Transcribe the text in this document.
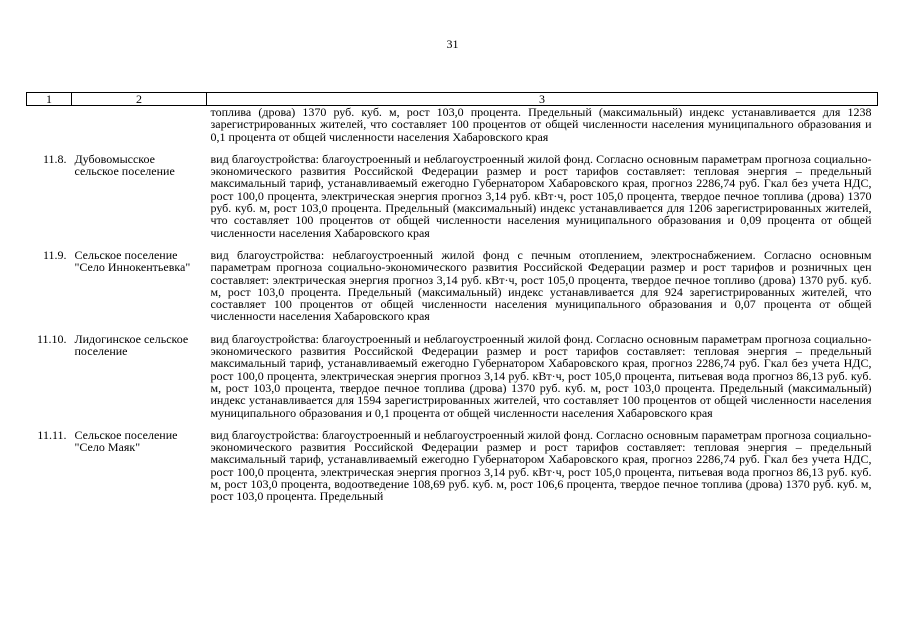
31
1	2	3
		топлива (дрова) 1370 руб. куб. м, рост 103,0 процента. Предельный (максимальный) индекс устанавливается для 1238 зарегистрированных жителей, что составляет 100 процентов от общей численности населения муниципального образования и 0,1 процента от общей численности населения Хабаровского края
11.8.	Дубовомысское сельское поселение	вид благоустройства: благоустроенный и неблагоустроенный жилой фонд. Согласно основным параметрам прогноза социально-экономического развития Российской Федерации размер и рост тарифов составляет: тепловая энергия – предельный максимальный тариф, устанавливаемый ежегодно Губернатором Хабаровского края, прогноз 2286,74 руб. Гкал без учета НДС, рост 100,0 процента, электрическая энергия прогноз 3,14 руб. кВт·ч, рост 105,0 процента, твердое печное топлива (дрова) 1370 руб. куб. м, рост 103,0 процента. Предельный (максимальный) индекс устанавливается для 1206 зарегистрированных жителей, что составляет 100 процентов от общей численности населения муниципального образования и 0,09 процента от общей численности населения Хабаровского края
11.9.	Сельское поселение "Село Иннокентьевка"	вид благоустройства: неблагоустроенный жилой фонд с печным отоплением, электроснабжением. Согласно основным параметрам прогноза социально-экономического развития Российской Федерации размер и рост тарифов и розничных цен составляет: электрическая энергия прогноз 3,14 руб. кВт·ч, рост 105,0 процента, твердое печное топливо (дрова) 1370 руб. куб. м, рост 103,0 процента. Предельный (максимальный) индекс устанавливается для 924 зарегистрированных жителей, что составляет 100 процентов от общей численности населения муниципального образования и 0,07 процента от общей численности населения Хабаровского края
11.10.	Лидогинское сельское поселение	вид благоустройства: благоустроенный и неблагоустроенный жилой фонд. Согласно основным параметрам прогноза социально-экономического развития Российской Федерации размер и рост тарифов составляет: тепловая энергия – предельный максимальный тариф, устанавливаемый ежегодно Губернатором Хабаровского края, прогноз 2286,74 руб. Гкал без учета НДС, рост 100,0 процента, электрическая энергия прогноз 3,14 руб. кВт·ч, рост 105,0 процента, питьевая вода прогноз 86,13 руб. куб. м, рост 103,0 процента, твердое печное топлива (дрова) 1370 руб. куб. м, рост 103,0 процента. Предельный (максимальный) индекс устанавливается для 1594 зарегистрированных жителей, что составляет 100 процентов от общей численности населения муниципального образования и 0,1 процента от общей численности населения Хабаровского края
11.11.	Сельское поселение "Село Маяк"	вид благоустройства: благоустроенный и неблагоустроенный жилой фонд. Согласно основным параметрам прогноза социально-экономического развития Российской Федерации размер и рост тарифов составляет: тепловая энергия – предельный максимальный тариф, устанавливаемый ежегодно Губернатором Хабаровского края, прогноз 2286,74 руб. Гкал без учета НДС, рост 100,0 процента, электрическая энергия прогноз 3,14 руб. кВт·ч, рост 105,0 процента, питьевая вода прогноз 86,13 руб. куб. м, рост 103,0 процента, водоотведение 108,69 руб. куб. м, рост 106,6 процента, твердое печное топлива (дрова) 1370 руб. куб. м, рост 103,0 процента. Предельный
